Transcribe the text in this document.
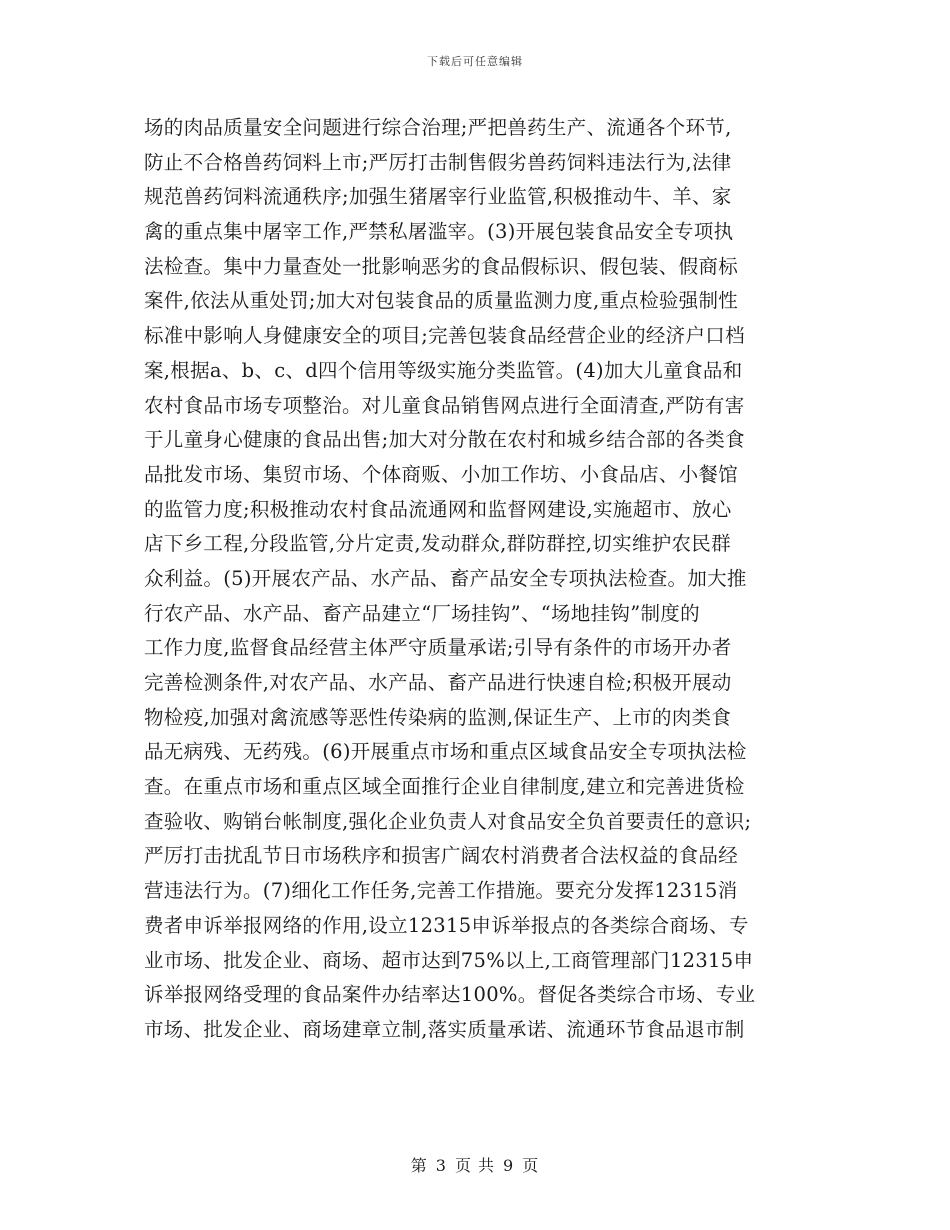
下载后可任意编辑
场的肉品质量安全问题进行综合治理;严把兽药生产、流通各个环节,
防止不合格兽药饲料上市;严厉打击制售假劣兽药饲料违法行为,法律
规范兽药饲料流通秩序;加强生猪屠宰行业监管,积极推动牛、羊、家
禽的重点集中屠宰工作,严禁私屠滥宰。(3)开展包装食品安全专项执
法检查。集中力量查处一批影响恶劣的食品假标识、假包装、假商标
案件,依法从重处罚;加大对包装食品的质量监测力度,重点检验强制性
标准中影响人身健康安全的项目;完善包装食品经营企业的经济户口档
案,根据a、b、c、d四个信用等级实施分类监管。(4)加大儿童食品和
农村食品市场专项整治。对儿童食品销售网点进行全面清查,严防有害
于儿童身心健康的食品出售;加大对分散在农村和城乡结合部的各类食
品批发市场、集贸市场、个体商贩、小加工作坊、小食品店、小餐馆
的监管力度;积极推动农村食品流通网和监督网建设,实施超市、放心
店下乡工程,分段监管,分片定责,发动群众,群防群控,切实维护农民群
众利益。(5)开展农产品、水产品、畜产品安全专项执法检查。加大推
行农产品、水产品、畜产品建立“厂场挂钩”、“场地挂钩”制度的
工作力度,监督食品经营主体严守质量承诺;引导有条件的市场开办者
完善检测条件,对农产品、水产品、畜产品进行快速自检;积极开展动
物检疫,加强对禽流感等恶性传染病的监测,保证生产、上市的肉类食
品无病残、无药残。(6)开展重点市场和重点区域食品安全专项执法检
查。在重点市场和重点区域全面推行企业自律制度,建立和完善进货检
查验收、购销台帐制度,强化企业负责人对食品安全负首要责任的意识;
严厉打击扰乱节日市场秩序和损害广阔农村消费者合法权益的食品经
营违法行为。(7)细化工作任务,完善工作措施。要充分发挥12315消
费者申诉举报网络的作用,设立12315申诉举报点的各类综合商场、专
业市场、批发企业、商场、超市达到75%以上,工商管理部门12315申
诉举报网络受理的食品案件办结率达100%。督促各类综合市场、专业
市场、批发企业、商场建章立制,落实质量承诺、流通环节食品退市制
第 3 页 共 9 页
